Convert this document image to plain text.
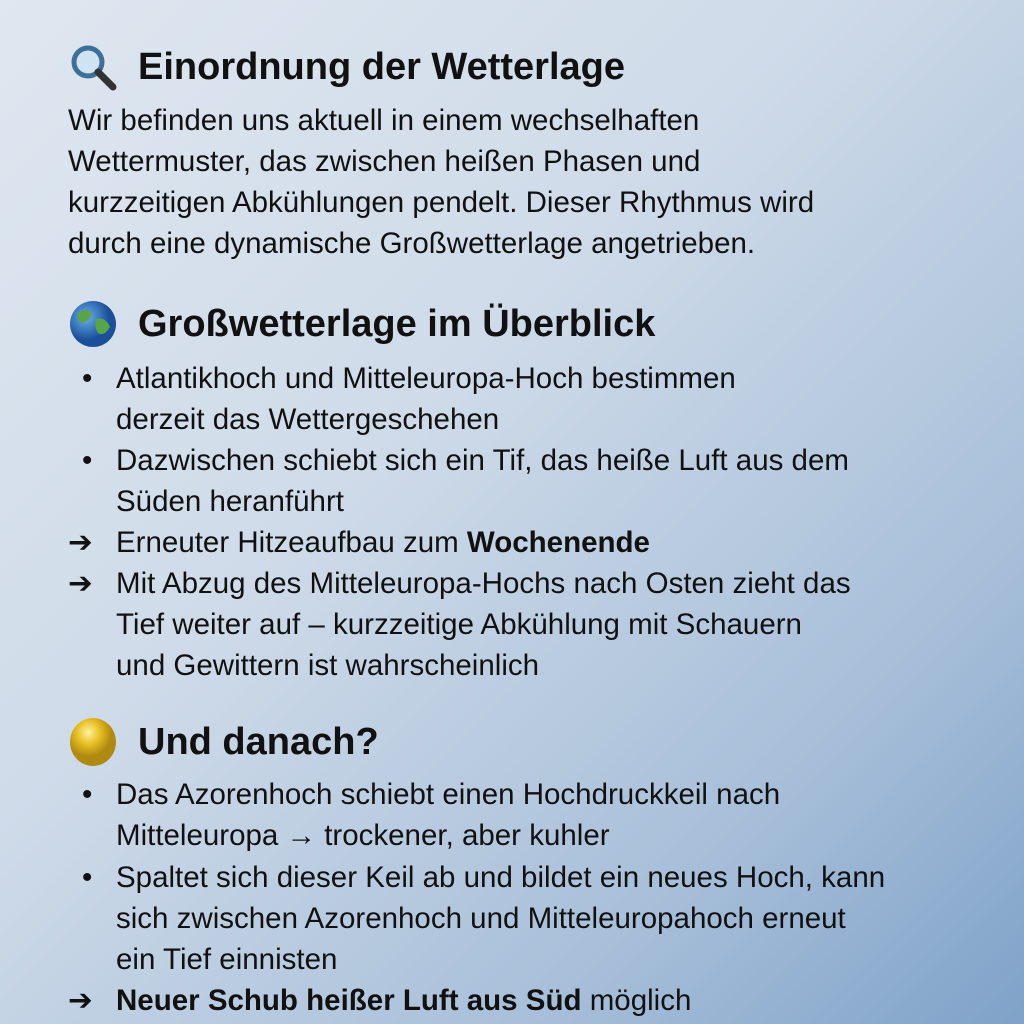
Einordnung der Wetterlage
Wir befinden uns aktuell in einem wechselhaften
Wettermuster, das zwischen heißen Phasen und
kurzzeitigen Abkühlungen pendelt. Dieser Rhythmus wird
durch eine dynamische Großwetterlage angetrieben.
Großwetterlage im Überblick
• Atlantikhoch und Mitteleuropa-Hoch bestimmen
derzeit das Wettergeschehen
• Dazwischen schiebt sich ein Tif, das heiße Luft aus dem
Süden heranführt
➔ Erneuter Hitzeaufbau zum Wochenende
➔ Mit Abzug des Mitteleuropa-Hochs nach Osten zieht das
Tief weiter auf – kurzzeitige Abkühlung mit Schauern
und Gewittern ist wahrscheinlich
Und danach?
• Das Azorenhoch schiebt einen Hochdruckkeil nach
Mitteleuropa → trockener, aber kuhler
• Spaltet sich dieser Keil ab und bildet ein neues Hoch, kann
sich zwischen Azorenhoch und Mitteleuropahoch erneut
ein Tief einnisten
➔ Neuer Schub heißer Luft aus Süd möglich
